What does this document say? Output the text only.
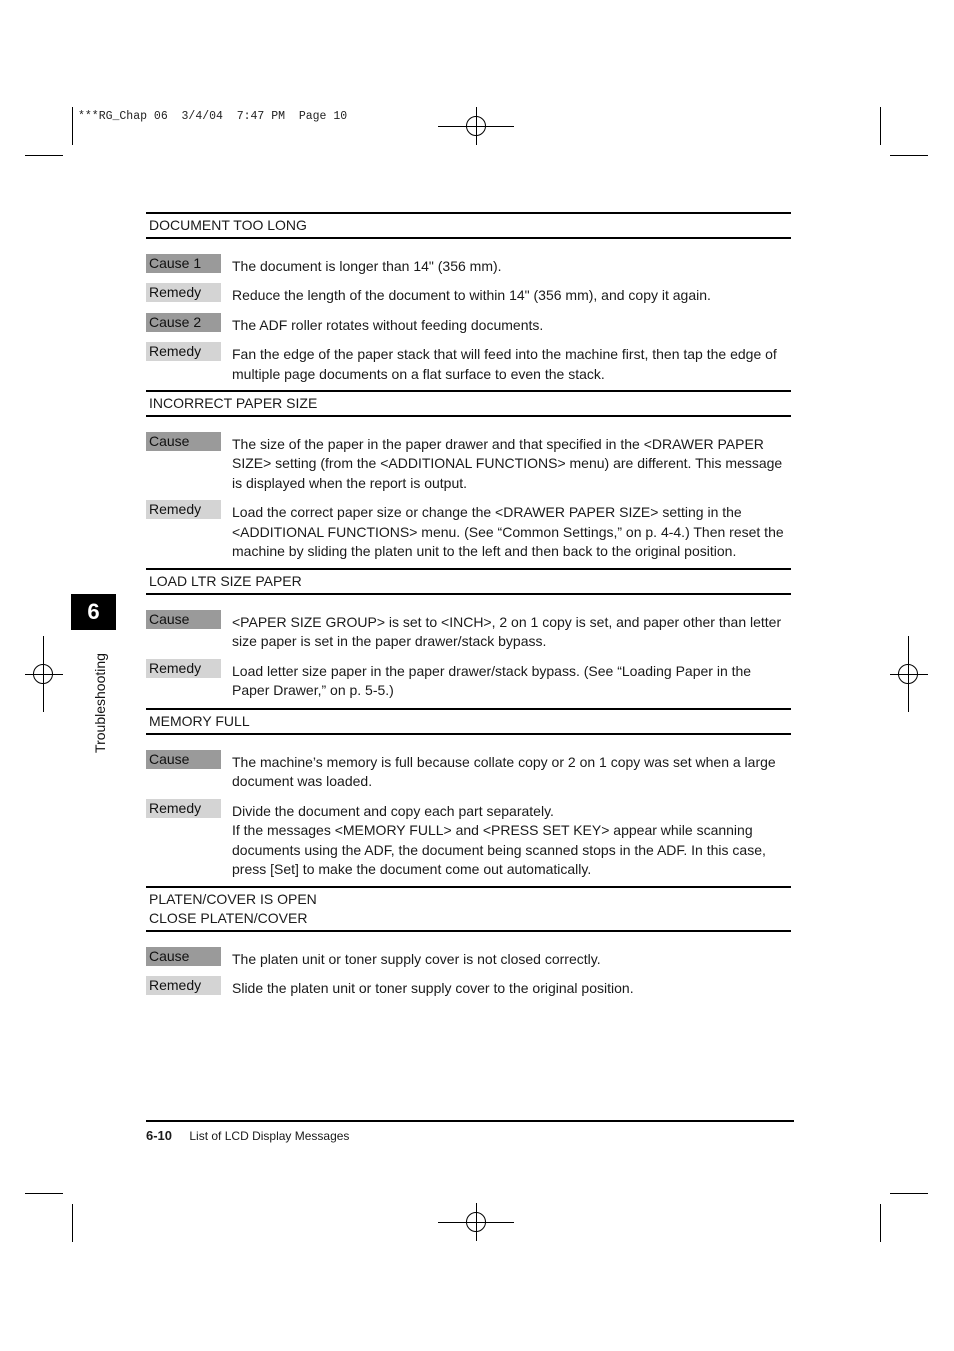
***RG_Chap 06  3/4/04  7:47 PM  Page 10
6
Troubleshooting
DOCUMENT TOO LONG
Cause 1	The document is longer than 14" (356 mm).
Remedy	Reduce the length of the document to within 14" (356 mm), and copy it again.
Cause 2	The ADF roller rotates without feeding documents.
Remedy	Fan the edge of the paper stack that will feed into the machine first, then tap the edge of multiple page documents on a flat surface to even the stack.
INCORRECT PAPER SIZE
Cause	The size of the paper in the paper drawer and that specified in the <DRAWER PAPER SIZE> setting (from the <ADDITIONAL FUNCTIONS> menu) are different. This message is displayed when the report is output.
Remedy	Load the correct paper size or change the <DRAWER PAPER SIZE> setting in the <ADDITIONAL FUNCTIONS> menu. (See “Common Settings,” on p. 4-4.) Then reset the machine by sliding the platen unit to the left and then back to the original position.
LOAD LTR SIZE PAPER
Cause	<PAPER SIZE GROUP> is set to <INCH>, 2 on 1 copy is set, and paper other than letter size paper is set in the paper drawer/stack bypass.
Remedy	Load letter size paper in the paper drawer/stack bypass. (See “Loading Paper in the Paper Drawer,” on p. 5-5.)
MEMORY FULL
Cause	The machine’s memory is full because collate copy or 2 on 1 copy was set when a large document was loaded.
Remedy	Divide the document and copy each part separately.
If the messages <MEMORY FULL> and <PRESS SET KEY> appear while scanning documents using the ADF, the document being scanned stops in the ADF. In this case, press [Set] to make the document come out automatically.
PLATEN/COVER IS OPEN
CLOSE PLATEN/COVER
Cause	The platen unit or toner supply cover is not closed correctly.
Remedy	Slide the platen unit or toner supply cover to the original position.
6-10 List of LCD Display Messages
